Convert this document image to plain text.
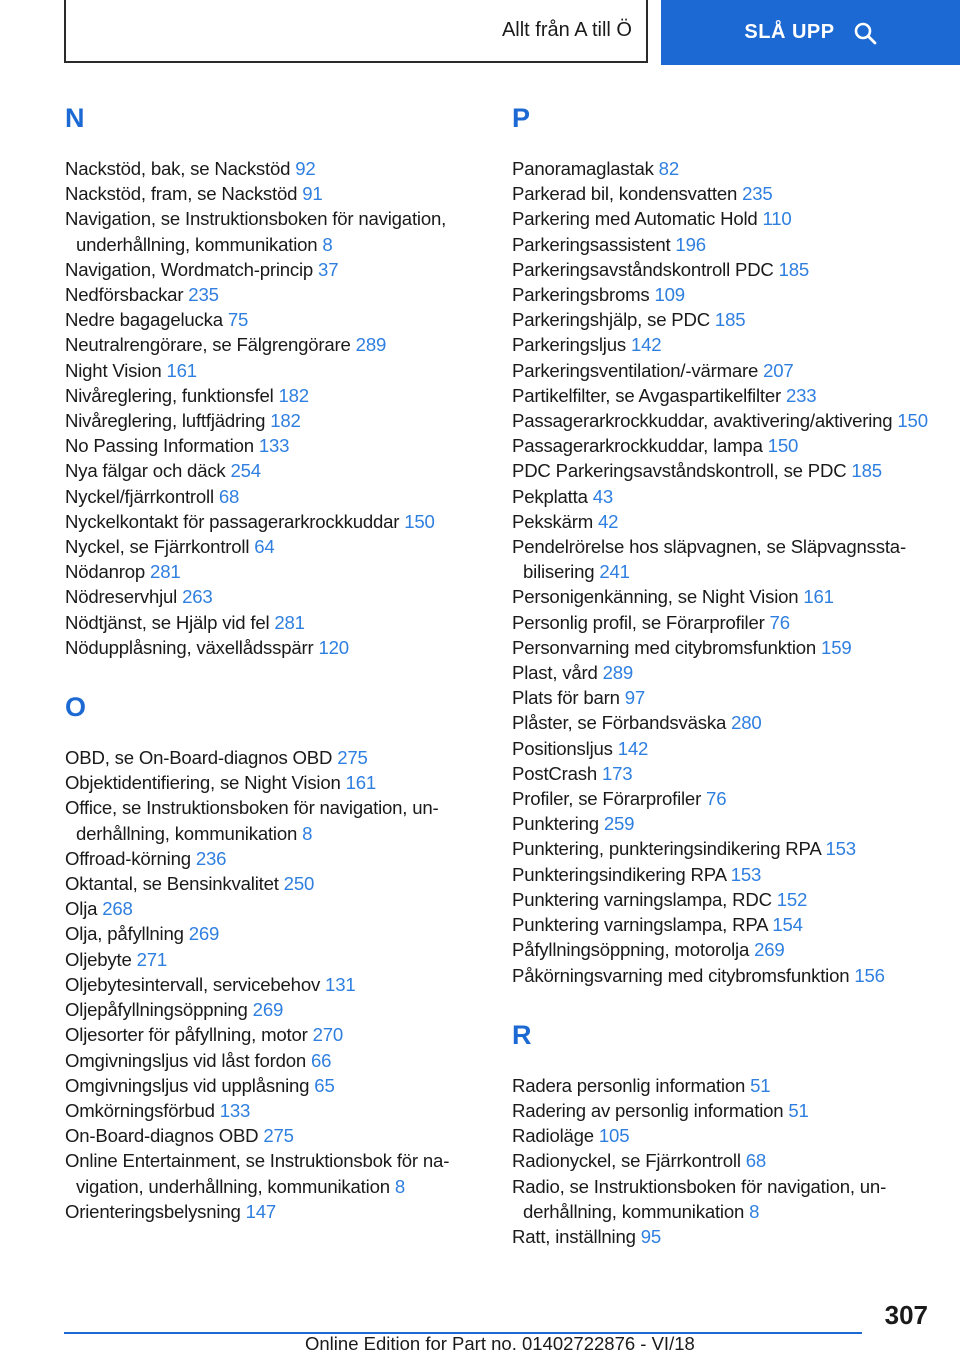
Allt från A till Ö	SLÅ UPP
N
Nackstöd, bak, se Nackstöd 92
Nackstöd, fram, se Nackstöd 91
Navigation, se Instruktionsboken för navigation, underhållning, kommunikation 8
Navigation, Wordmatch-princip 37
Nedförsbackar 235
Nedre bagagelucka 75
Neutralrengörare, se Fälgrengörare 289
Night Vision 161
Nivåreglering, funktionsfel 182
Nivåreglering, luftfjädring 182
No Passing Information 133
Nya fälgar och däck 254
Nyckel/fjärrkontroll 68
Nyckelkontakt för passagerarkrockkuddar 150
Nyckel, se Fjärrkontroll 64
Nödanrop 281
Nödreservhjul 263
Nödtjänst, se Hjälp vid fel 281
Nödupplåsning, växellådsspärr 120
O
OBD, se On-Board-diagnos OBD 275
Objektidentifiering, se Night Vision 161
Office, se Instruktionsboken för navigation, underhållning, kommunikation 8
Offroad-körning 236
Oktantal, se Bensinkvalitet 250
Olja 268
Olja, påfyllning 269
Oljebyte 271
Oljebytesintervall, servicebehov 131
Oljepåfyllningsöppning 269
Oljesorter för påfyllning, motor 270
Omgivningsljus vid låst fordon 66
Omgivningsljus vid upplåsning 65
Omkörningsförbud 133
On-Board-diagnos OBD 275
Online Entertainment, se Instruktionsbok för navigation, underhållning, kommunikation 8
Orienteringsbelysning 147
P
Panoramaglastak 82
Parkerad bil, kondensvatten 235
Parkering med Automatic Hold 110
Parkeringsassistent 196
Parkeringsavståndskontroll PDC 185
Parkeringsbroms 109
Parkeringshjälp, se PDC 185
Parkeringsljus 142
Parkeringsventilation/-värmare 207
Partikelfilter, se Avgaspartikelfilter 233
Passagerarkrockkuddar, avaktivering/aktivering 150
Passagerarkrockkuddar, lampa 150
PDC Parkeringsavståndskontroll, se PDC 185
Pekplatta 43
Pekskärm 42
Pendelrörelse hos släpvagnen, se Släpvagnsstabilisering 241
Personigenkänning, se Night Vision 161
Personlig profil, se Förarprofiler 76
Personvarning med citybromsfunktion 159
Plast, vård 289
Plats för barn 97
Plåster, se Förbandsväska 280
Positionsljus 142
PostCrash 173
Profiler, se Förarprofiler 76
Punktering 259
Punktering, punkteringsindikering RPA 153
Punkteringsindikering RPA 153
Punktering varningslampa, RDC 152
Punktering varningslampa, RPA 154
Påfyllningsöppning, motorolja 269
Påkörningsvarning med citybromsfunktion 156
R
Radera personlig information 51
Radering av personlig information 51
Radioläge 105
Radionyckel, se Fjärrkontroll 68
Radio, se Instruktionsboken för navigation, underhållning, kommunikation 8
Ratt, inställning 95
307
Online Edition for Part no. 01402722876 - VI/18
